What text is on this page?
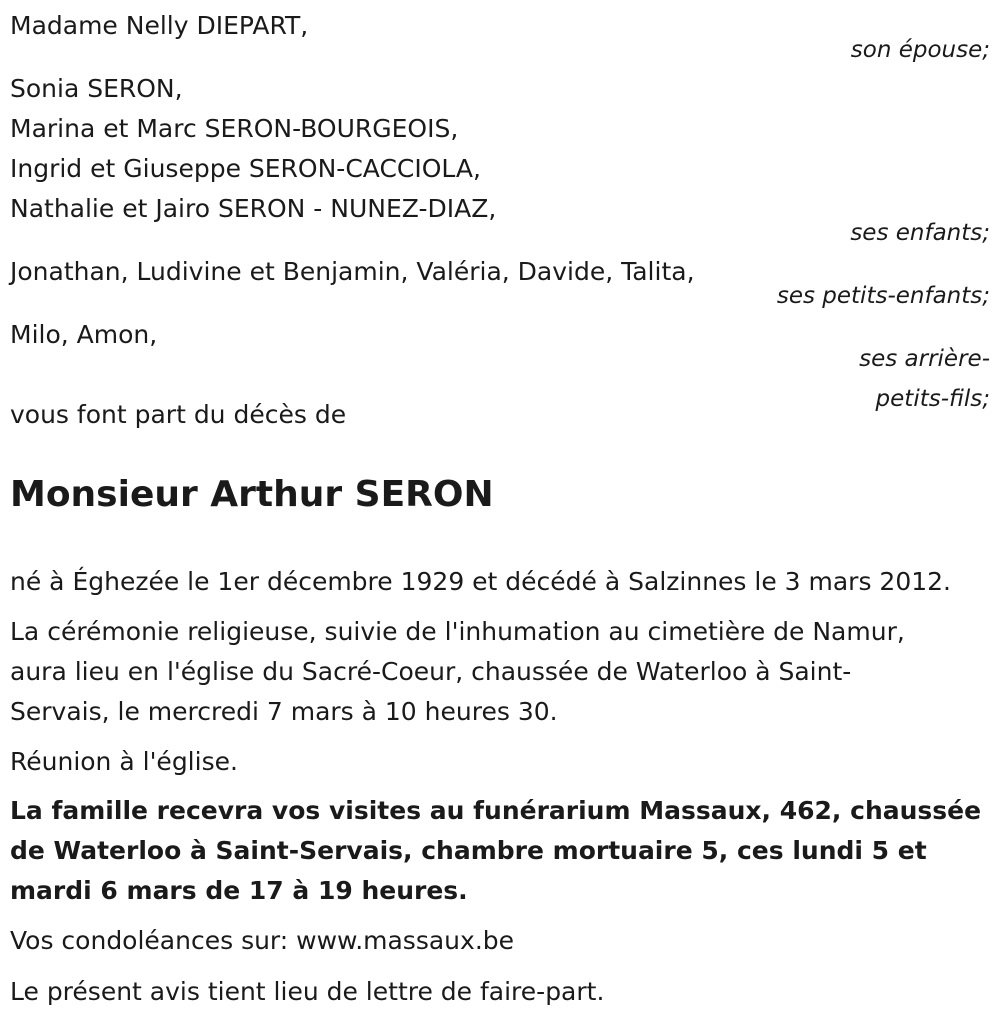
Madame Nelly DIEPART,

son épouse;

Sonia SERON,

Marina et Marc SERON-BOURGEOIS,

Ingrid et Giuseppe SERON-CACCIOLA,

Nathalie et Jairo SERON - NUNEZ-DIAZ,

ses enfants;

Jonathan, Ludivine et Benjamin, Valéria, Davide, Talita,

ses petits-enfants;

Milo, Amon,

ses arrière-

petits-fils;

vous font part du décès de

Monsieur Arthur SERON

né à Éghezée le 1er décembre 1929 et décédé à Salzinnes le 3 mars 2012.

La cérémonie religieuse, suivie de l'inhumation au cimetière de Namur,

aura lieu en l'église du Sacré-Coeur, chaussée de Waterloo à Saint-

Servais, le mercredi 7 mars à 10 heures 30.

Réunion à l'église.

La famille recevra vos visites au funérarium Massaux, 462, chaussée

de Waterloo à Saint-Servais, chambre mortuaire 5, ces lundi 5 et

mardi 6 mars de 17 à 19 heures.

Vos condoléances sur: www.massaux.be

Le présent avis tient lieu de lettre de faire-part.
